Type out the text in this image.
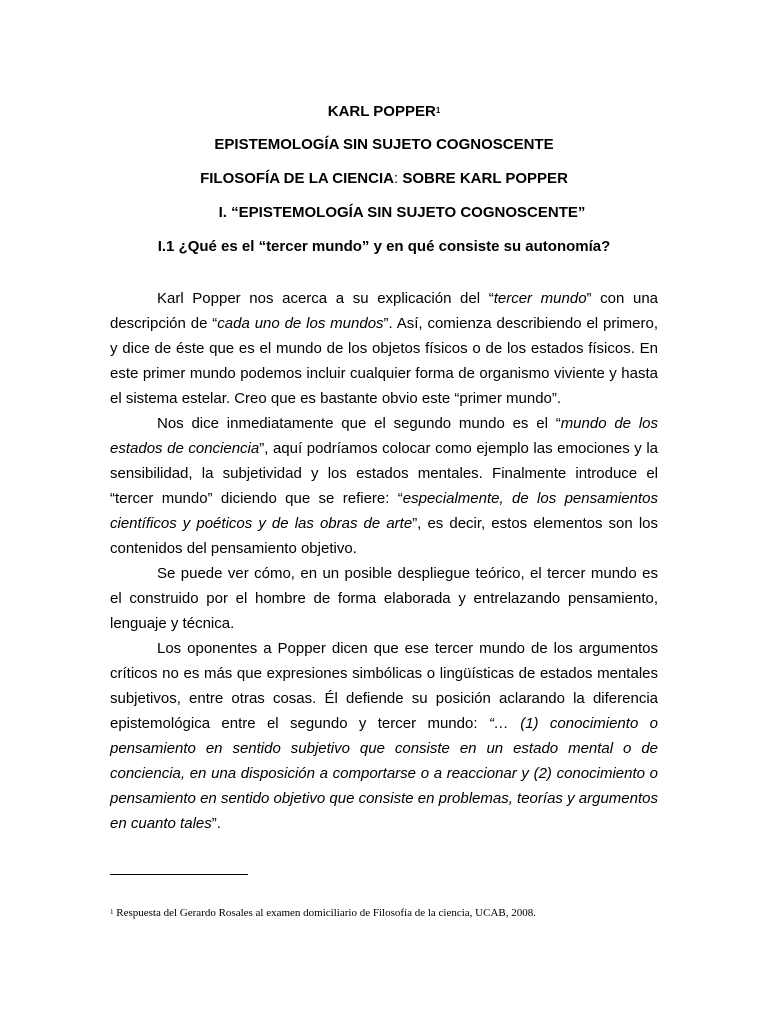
KARL POPPER$^1$
EPISTEMOLOGÍA SIN SUJETO COGNOSCENTE
FILOSOFÍA DE LA CIENCIA: SOBRE KARL POPPER
I. “EPISTEMOLOGÍA SIN SUJETO COGNOSCENTE”
I.1 ¿Qué es el “tercer mundo” y en qué consiste su autonomía?

Karl Popper nos acerca a su explicación del “tercer mundo” con una descripción de “cada uno de los mundos”. Así, comienza describiendo el primero, y dice de éste que es el mundo de los objetos físicos o de los estados físicos. En este primer mundo podemos incluir cualquier forma de organismo viviente y hasta el sistema estelar. Creo que es bastante obvio este “primer mundo”.

Nos dice inmediatamente que el segundo mundo es el “mundo de los estados de conciencia”, aquí podríamos colocar como ejemplo las emociones y la sensibilidad, la subjetividad y los estados mentales. Finalmente introduce el “tercer mundo” diciendo que se refiere: “especialmente, de los pensamientos científicos y poéticos y de las obras de arte”, es decir, estos elementos son los contenidos del pensamiento objetivo.

Se puede ver cómo, en un posible despliegue teórico, el tercer mundo es el construido por el hombre de forma elaborada y entrelazando pensamiento, lenguaje y técnica.

Los oponentes a Popper dicen que ese tercer mundo de los argumentos críticos no es más que expresiones simbólicas o lingüísticas de estados mentales subjetivos, entre otras cosas. Él defiende su posición aclarando la diferencia epistemológica entre el segundo y tercer mundo: “… (1) conocimiento o pensamiento en sentido subjetivo que consiste en un estado mental o de conciencia, en una disposición a comportarse o a reaccionar y (2) conocimiento o pensamiento en sentido objetivo que consiste en problemas, teorías y argumentos en cuanto tales”.

$^1$ Respuesta del Gerardo Rosales al examen domiciliario de Filosofía de la ciencia, UCAB, 2008.
